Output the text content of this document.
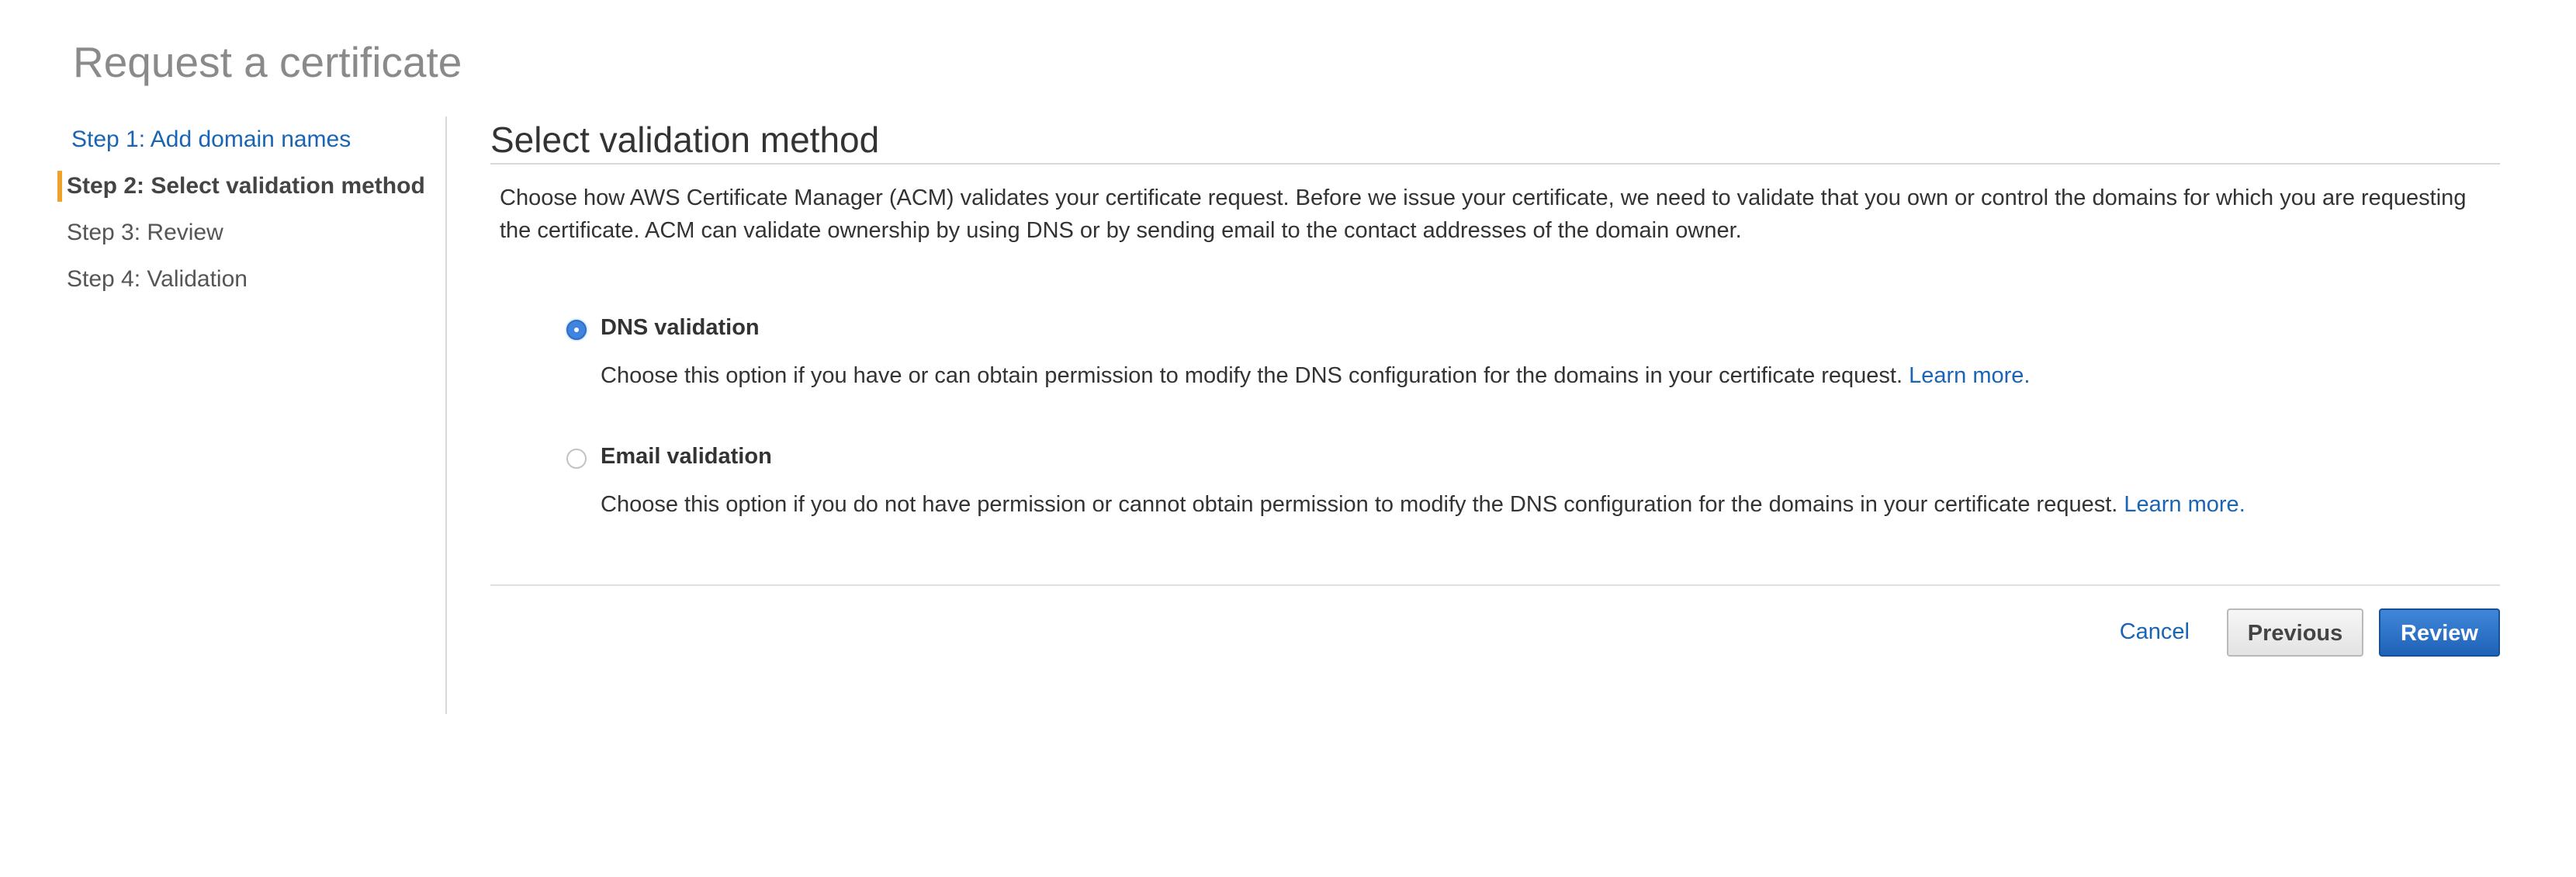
Request a certificate
Step 1: Add domain names
Step 2: Select validation method
Step 3: Review
Step 4: Validation
Select validation method

Choose how AWS Certificate Manager (ACM) validates your certificate request. Before we issue your certificate, we need to validate that you own or control the domains for which you are requesting the certificate. ACM can validate ownership by using DNS or by sending email to the contact addresses of the domain owner.

DNS validation
Choose this option if you have or can obtain permission to modify the DNS configuration for the domains in your certificate request. Learn more.
Email validation
Choose this option if you do not have permission or cannot obtain permission to modify the DNS configuration for the domains in your certificate request. Learn more.
Cancel	Previous	Review
